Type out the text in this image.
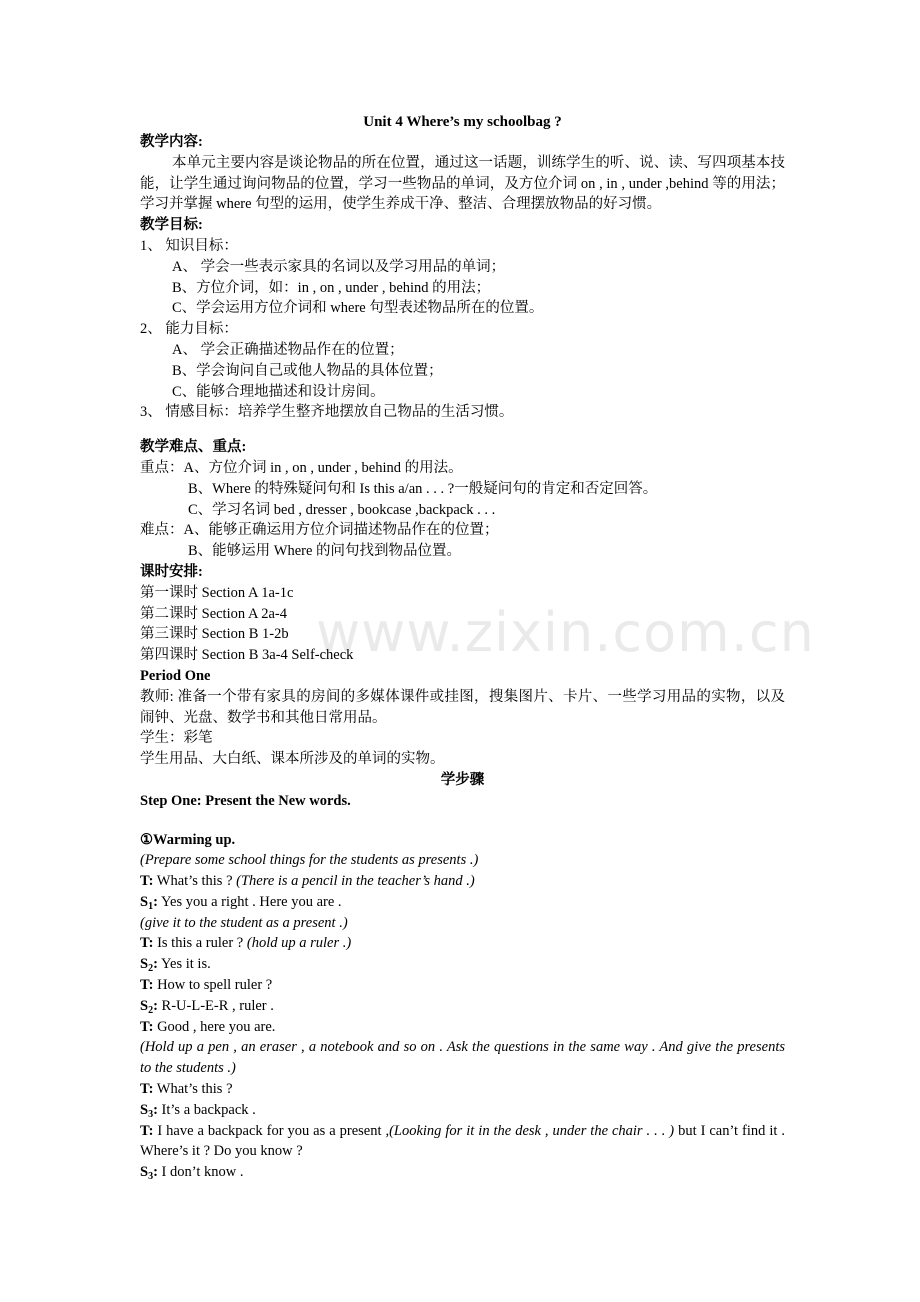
Unit 4 Where’s my schoolbag ?
教学内容:
本单元主要内容是谈论物品的所在位置，通过这一话题，训练学生的听、说、读、写四项基本技能，让学生通过询问物品的位置，学习一些物品的单词，及方位介词 on , in , under ,behind 等的用法；学习并掌握 where 句型的运用，使学生养成干净、整洁、合理摆放物品的好习惯。
教学目标:
1、 知识目标：
A、 学会一些表示家具的名词以及学习用品的单词；
B、方位介词，如：in , on , under , behind 的用法；
C、学会运用方位介词和 where 句型表述物品所在的位置。
2、 能力目标：
A、 学会正确描述物品作在的位置；
B、学会询问自己或他人物品的具体位置；
C、能够合理地描述和设计房间。
3、 情感目标：培养学生整齐地摆放自己物品的生活习惯。
教学难点、重点:
重点：A、方位介词 in , on , under , behind 的用法。
B、Where 的特殊疑问句和 Is this a/an . . . ?一般疑问句的肯定和否定回答。
C、学习名词 bed , dresser , bookcase ,backpack . . .
难点：A、能够正确运用方位介词描述物品作在的位置；
B、能够运用 Where 的问句找到物品位置。
课时安排:
第一课时 Section A 1a-1c
第二课时 Section A 2a-4
第三课时 Section B 1-2b
第四课时 Section B 3a-4 Self-check
Period One
教师: 准备一个带有家具的房间的多媒体课件或挂图，搜集图片、卡片、一些学习用品的实物，以及闹钟、光盘、数学书和其他日常用品。
学生：彩笔
学生用品、大白纸、课本所涉及的单词的实物。
学步骤
Step One: Present the New words.
①Warming up.
(Prepare some school things for the students as presents .)
T: What’s this ? (There is a pencil in the teacher’s hand .)
$S_1$: Yes you a right . Here you are .
(give it to the student as a present .)
T: Is this a ruler ? (hold up a ruler .)
$S_2$: Yes it is.
T: How to spell ruler ?
$S_2$: R-U-L-E-R , ruler .
T: Good , here you are.
(Hold up a pen , an eraser , a notebook and so on . Ask the questions in the same way . And give the presents to the students .)
T: What’s this ?
$S_3$: It’s a backpack .
T: I have a backpack for you as a present ,(Looking for it in the desk , under the chair . . . ) but I can’t find it . Where’s it ? Do you know ?
$S_3$: I don’t know .
www.zixin.com.cn
